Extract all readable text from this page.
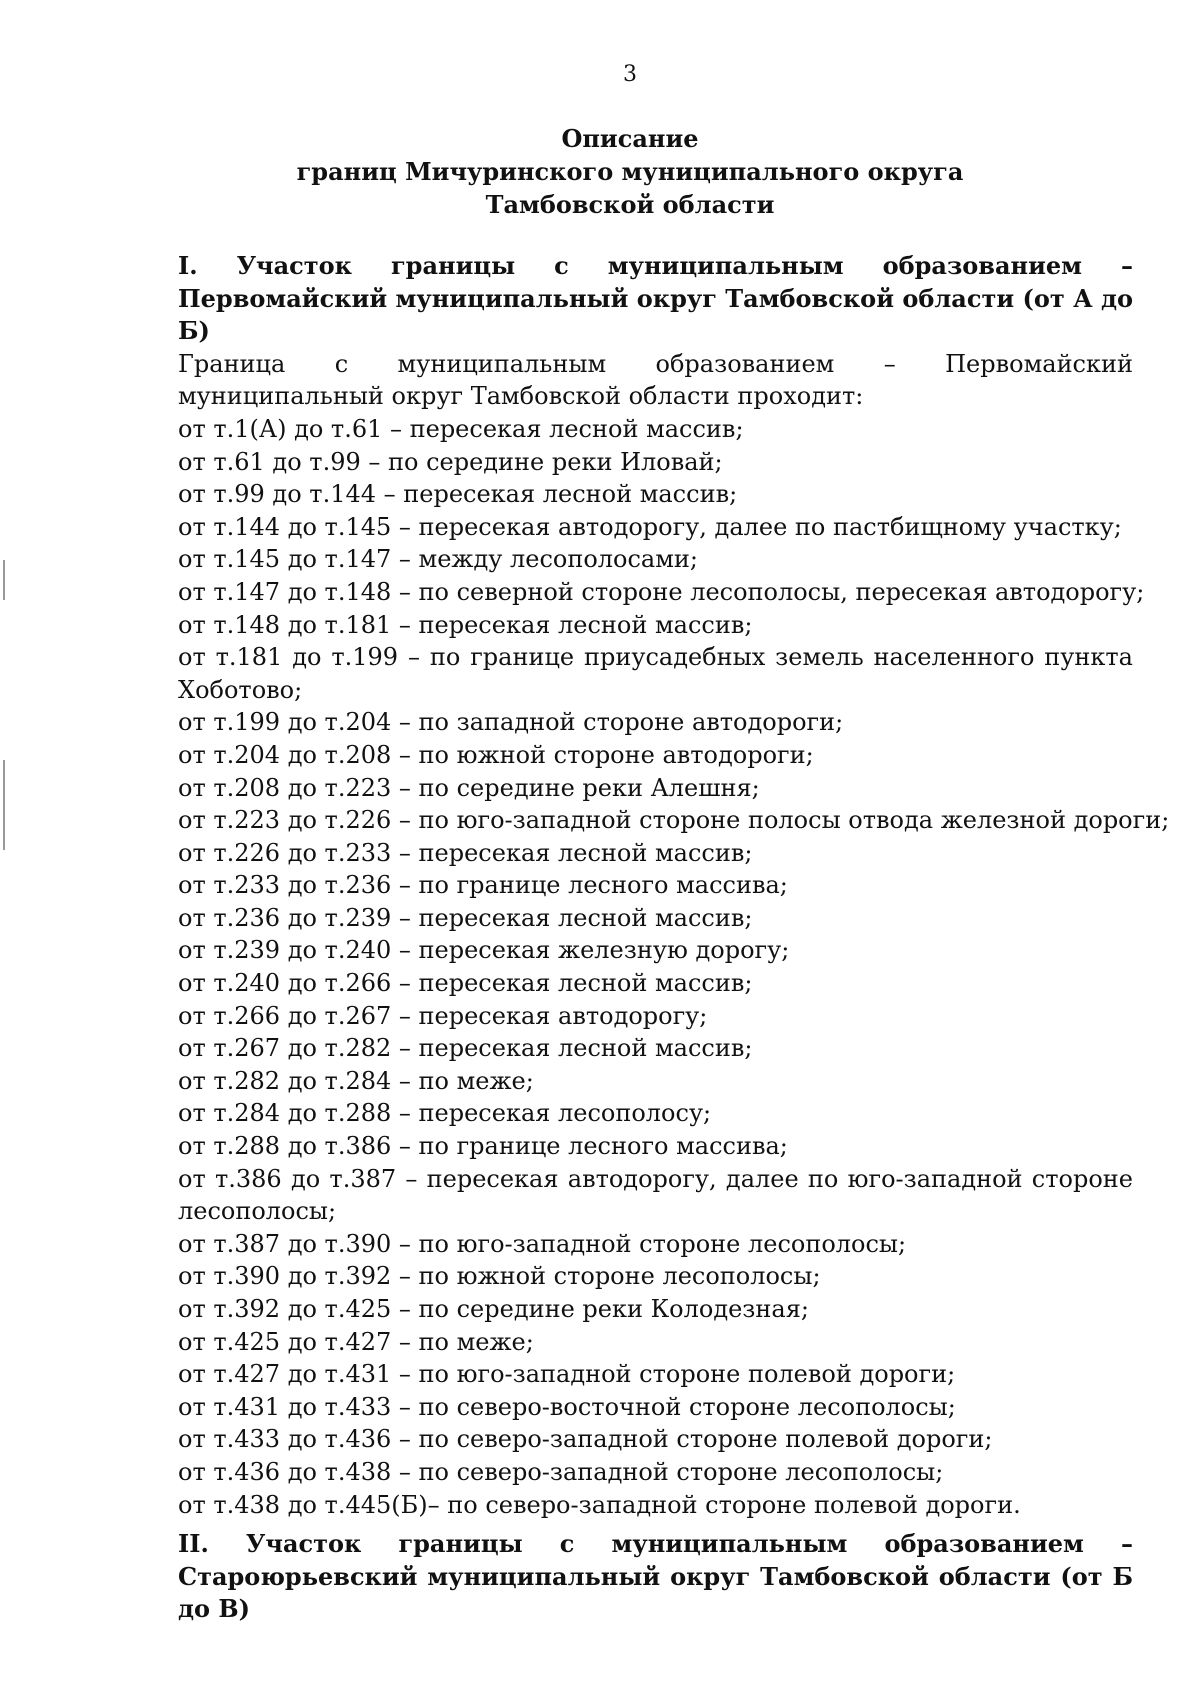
3
Описание
границ Мичуринского муниципального округа
Тамбовской области
I. Участок границы с муниципальным образованием – Первомайский муниципальный округ Тамбовской области (от А до Б)
Граница с муниципальным образованием – Первомайский муниципальный округ Тамбовской области проходит:
от т.1(А) до т.61 – пересекая лесной массив;
от т.61 до т.99 – по середине реки Иловай;
от т.99 до т.144 – пересекая лесной массив;
от т.144 до т.145 – пересекая автодорогу, далее по пастбищному участку;
от т.145 до т.147 – между лесополосами;
от т.147 до т.148 – по северной стороне лесополосы, пересекая автодорогу;
от т.148 до т.181 – пересекая лесной массив;
от т.181 до т.199 – по границе приусадебных земель населенного пункта Хоботово;
от т.199 до т.204 – по западной стороне автодороги;
от т.204 до т.208 – по южной стороне автодороги;
от т.208 до т.223 – по середине реки Алешня;
от т.223 до т.226 – по юго-западной стороне полосы отвода железной дороги;
от т.226 до т.233 – пересекая лесной массив;
от т.233 до т.236 – по границе лесного массива;
от т.236 до т.239 – пересекая лесной массив;
от т.239 до т.240 – пересекая железную дорогу;
от т.240 до т.266 – пересекая лесной массив;
от т.266 до т.267 – пересекая автодорогу;
от т.267 до т.282 – пересекая лесной массив;
от т.282 до т.284 – по меже;
от т.284 до т.288 – пересекая лесополосу;
от т.288 до т.386 – по границе лесного массива;
от т.386 до т.387 – пересекая автодорогу, далее по юго-западной стороне лесополосы;
от т.387 до т.390 – по юго-западной стороне лесополосы;
от т.390 до т.392 – по южной стороне лесополосы;
от т.392 до т.425 – по середине реки Колодезная;
от т.425 до т.427 – по меже;
от т.427 до т.431 – по юго-западной стороне полевой дороги;
от т.431 до т.433 – по северо-восточной стороне лесополосы;
от т.433 до т.436 – по северо-западной стороне полевой дороги;
от т.436 до т.438 – по северо-западной стороне лесополосы;
от т.438 до т.445(Б)– по северо-западной стороне полевой дороги.
II. Участок границы с муниципальным образованием – Староюрьевский муниципальный округ Тамбовской области (от Б до В)
